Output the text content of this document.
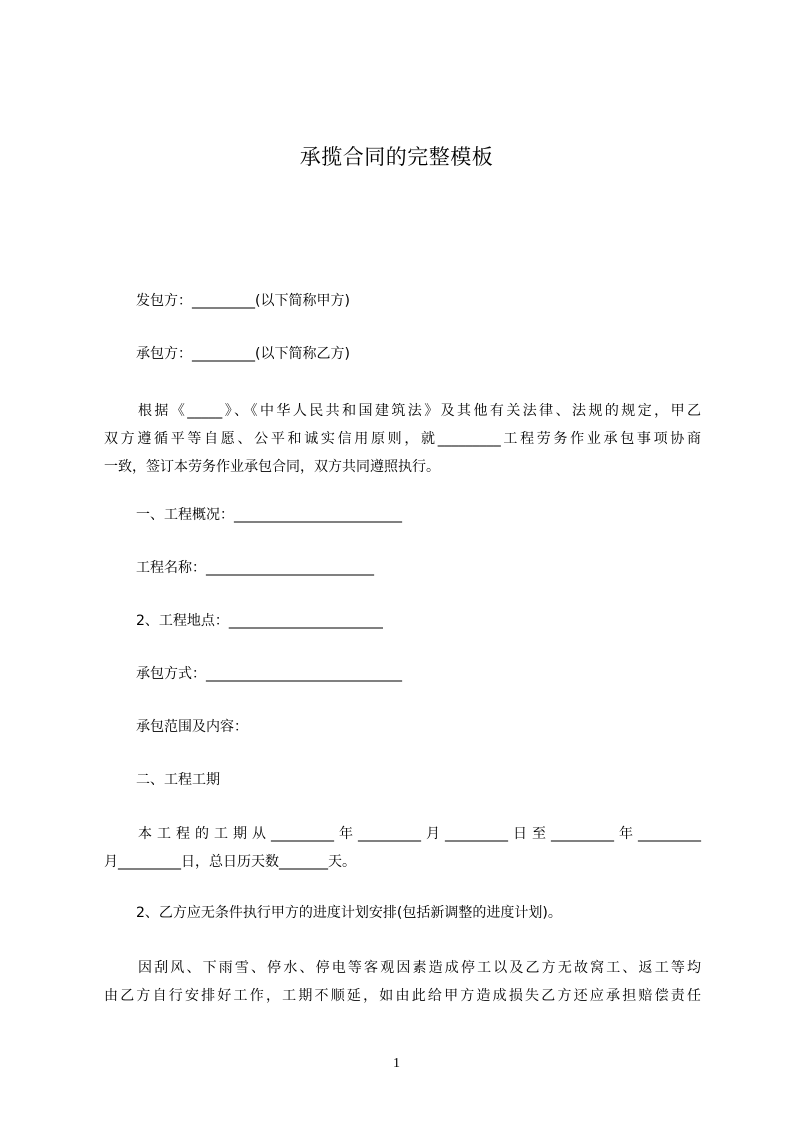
承揽合同的完整模板
发包方：_________(以下简称甲方)
承包方：_________(以下简称乙方)
根据《_____》、《中华人民共和国建筑法》及其他有关法律、法规的规定，甲乙
双方遵循平等自愿、公平和诚实信用原则，就_________工程劳务作业承包事项协商
一致，签订本劳务作业承包合同，双方共同遵照执行。
一、工程概况：________________________
工程名称：________________________
2、工程地点：______________________
承包方式：____________________________
承包范围及内容：
二、工程工期
本工程的工期从_________年_________月_________日至_________年_________
月_________日，总日历天数_______天。
2、乙方应无条件执行甲方的进度计划安排(包括新调整的进度计划)。
因刮风、下雨雪、停水、停电等客观因素造成停工以及乙方无故窝工、返工等均
由乙方自行安排好工作，工期不顺延，如由此给甲方造成损失乙方还应承担赔偿责任
1
